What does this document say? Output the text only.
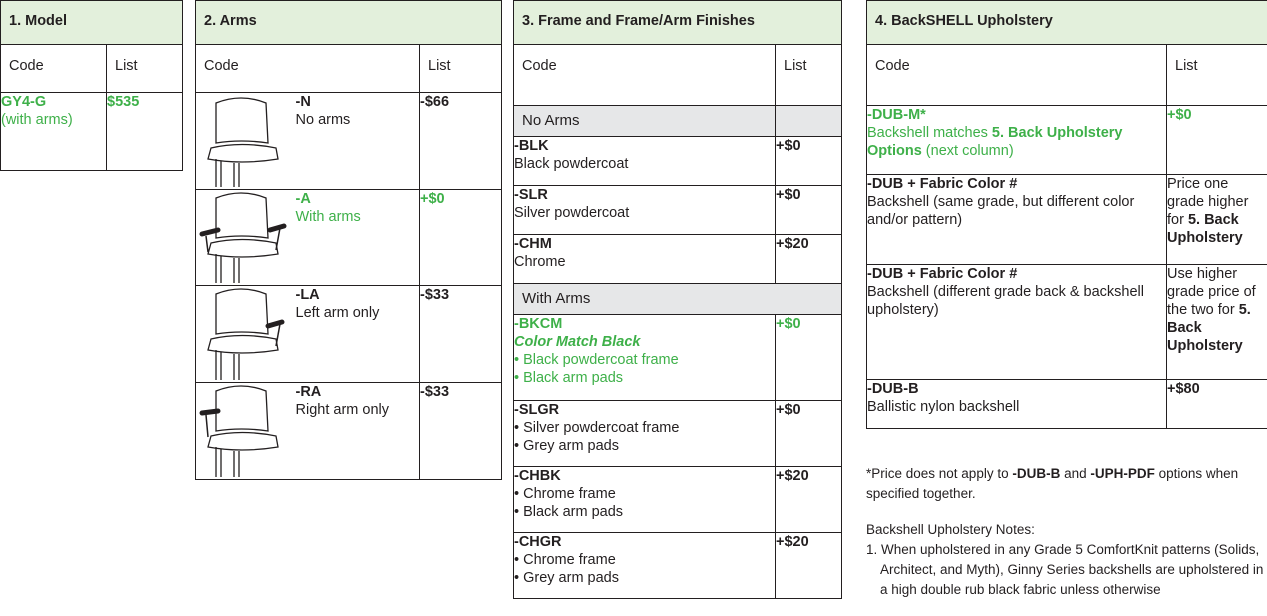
1. Model	
Code	List

GY4-G
(with arms)	$535
2. Arms		
Code		List

-N
No arms	-$66

-A
With arms	+$0

-LA
Left arm only	-$33

-RA
Right arm only	-$33
3. Frame and Frame/Arm Finishes	
Code	List
No Arms	

-BLK
Black powdercoat	+$0

-SLR
Silver powdercoat	+$0

-CHM
Chrome	+$20
With Arms	

-BKCM
Color Match Black
• Black powdercoat frame
• Black arm pads	+$0

-SLGR
• Silver powdercoat frame
• Grey arm pads	+$0

-CHBK
• Chrome frame
• Black arm pads	+$20

-CHGR
• Chrome frame
• Grey arm pads	+$20
4. BackSHELL Upholstery	
Code	List

-DUB-M*
Backshell matches 5. Back Upholstery Options (next column)	+$0

-DUB + Fabric Color #
Backshell (same grade, but different color and/or pattern)	Price one grade higher for 5. Back Upholstery

-DUB + Fabric Color #
Backshell (different grade back & backshell upholstery)	Use higher grade price of the two for 5. Back Upholstery

-DUB-B
Ballistic nylon backshell	+$80

*Price does not apply to -DUB-B and -UPH-PDF options when specified together.

Backshell Upholstery Notes:

1. When upholstered in any Grade 5 ComfortKnit patterns (Solids, Architect, and Myth), Ginny Series backshells are upholstered in a high double rub black fabric unless otherwise
